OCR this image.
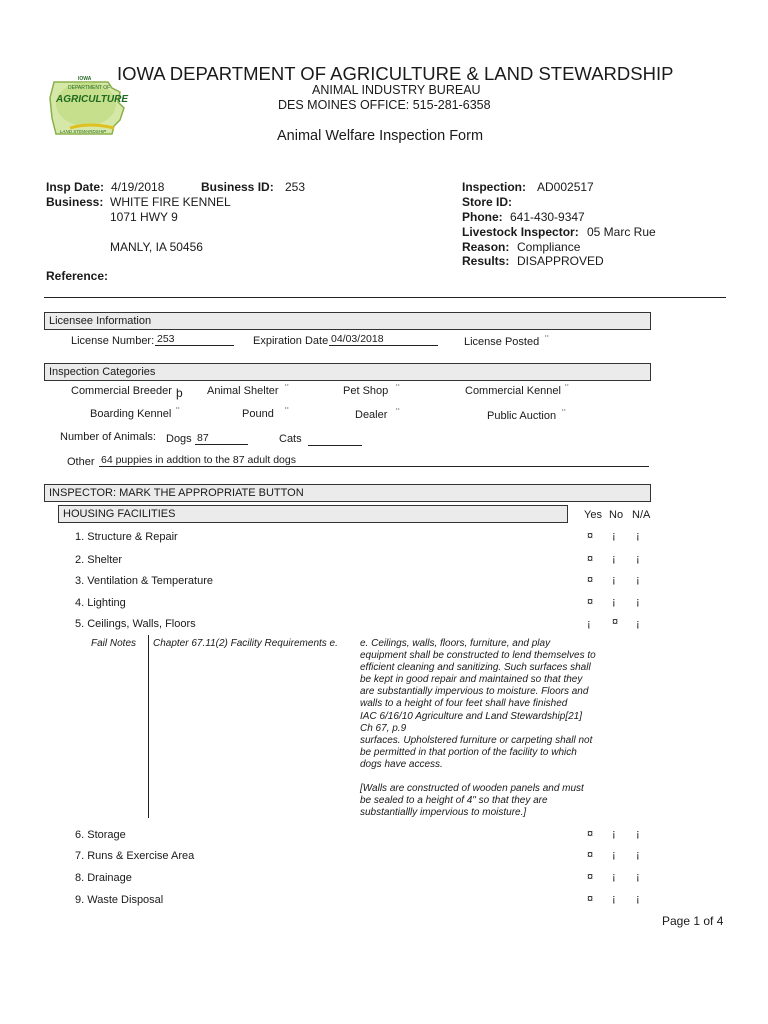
IOWA
DEPARTMENT OF
AGRICULTURE
LAND STEWARDSHIP
IOWA DEPARTMENT OF AGRICULTURE & LAND STEWARDSHIP
ANIMAL INDUSTRY BUREAU
DES MOINES OFFICE: 515-281-6358
Animal Welfare Inspection Form
Insp Date: 4/19/2018	Business ID: 253
Business: WHITE FIRE KENNEL
1071 HWY 9
MANLY, IA 50456
Reference:
Inspection: AD002517
Store ID:
Phone: 641-430-9347
Livestock Inspector: 05 Marc Rue
Reason: Compliance
Results: DISAPPROVED
Licensee Information
License Number: 253	Expiration Date 04/03/2018	License Posted ¨
Inspection Categories
Commercial Breeder þ Animal Shelter ¨	Pet Shop ¨	Commercial Kennel ¨
Boarding Kennel ¨	Pound ¨	Dealer ¨	Public Auction ¨
Number of Animals: Dogs 87	Cats
Other 64 puppies in addtion to the 87 adult dogs
INSPECTOR: MARK THE APPROPRIATE BUTTON
HOUSING FACILITIES	Yes No N/A
1. Structure & Repair	¤ ¡ ¡
2. Shelter	¤ ¡ ¡
3. Ventilation & Temperature	¤ ¡ ¡
4. Lighting	¤ ¡ ¡
5. Ceilings, Walls, Floors	¡ ¤ ¡
Fail Notes Chapter 67.11(2) Facility Requirements e. e. Ceilings, walls, floors, furniture, and play
equipment shall be constructed to lend themselves to
efficient cleaning and sanitizing. Such surfaces shall
be kept in good repair and maintained so that they
are substantially impervious to moisture. Floors and
walls to a height of four feet shall have finished
IAC 6/16/10 Agriculture and Land Stewardship[21]
Ch 67, p.9
surfaces. Upholstered furniture or carpeting shall not
be permitted in that portion of the facility to which
dogs have access.
[Walls are constructed of wooden panels and must
be sealed to a height of 4" so that they are
substantiallly impervious to moisture.]
6. Storage	¤ ¡ ¡
7. Runs & Exercise Area	¤ ¡ ¡
8. Drainage	¤ ¡ ¡
9. Waste Disposal	¤ ¡ ¡
Page 1 of 4
